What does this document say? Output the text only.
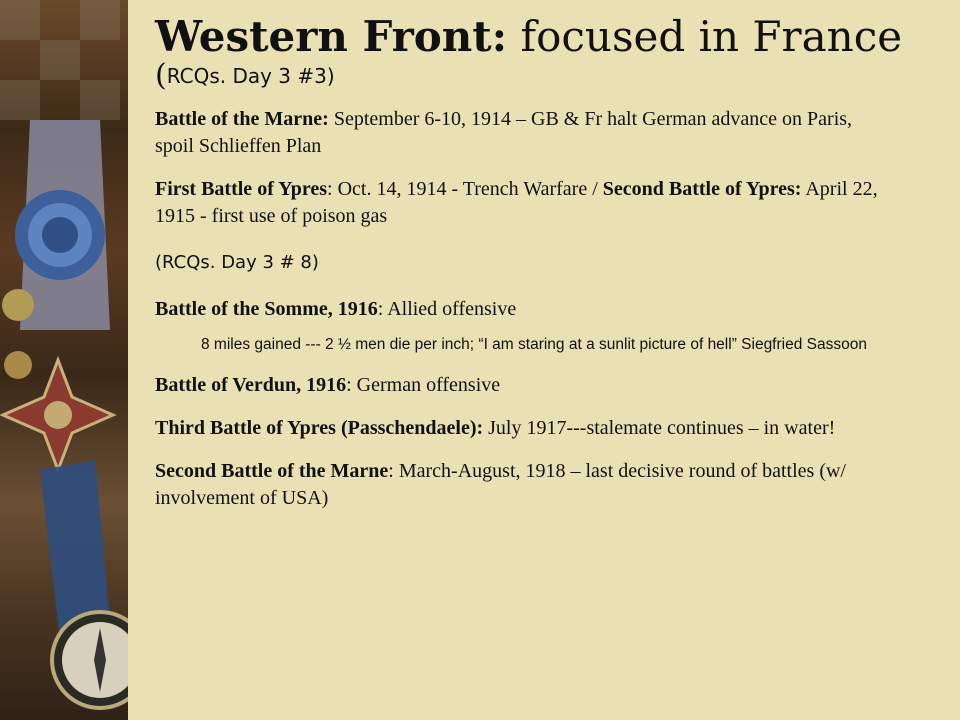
Western Front: focused in France
(RCQs. Day 3 #3)

Battle of the Marne: September 6-10, 1914 – GB & Fr halt German advance on Paris, spoil Schlieffen Plan

First Battle of Ypres: Oct. 14, 1914 - Trench Warfare / Second Battle of Ypres: April 22, 1915 - first use of poison gas

(RCQs. Day 3 # 8)

Battle of the Somme, 1916: Allied offensive

8 miles gained --- 2 ½ men die per inch; “I am staring at a sunlit picture of hell” Siegfried Sassoon

Battle of Verdun, 1916: German offensive

Third Battle of Ypres (Passchendaele): July 1917---stalemate continues – in water!

Second Battle of the Marne: March-August, 1918 – last decisive round of battles (w/ involvement of USA)
